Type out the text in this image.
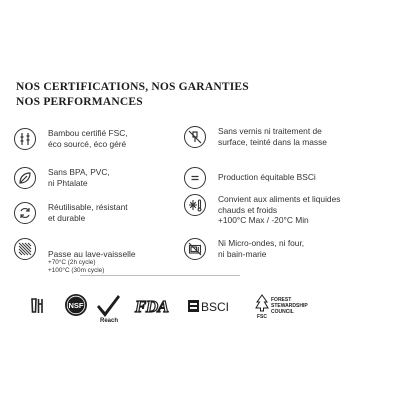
NOS CERTIFICATIONS, NOS GARANTIES
NOS PERFORMANCES
Bambou certifié FSC,
éco sourcé, éco géré
Sans vernis ni traitement de
surface, teinté dans la masse
Sans BPA, PVC,
ni Phtalate
Production équitable BSCi
Réutilisable, résistant
et durable
Convient aux aliments et liquides
chauds et froids
+100°C Max / -20°C Min

Passe au lave-vaisselle

+70°C (2h cycle)
+100°C (30m cycle)

Ni Micro-ondes, ni four,
ni bain-marie
NSF
Reach
FDA	BSCI
FSC
FOREST
STEWARDSHIP
COUNCIL
